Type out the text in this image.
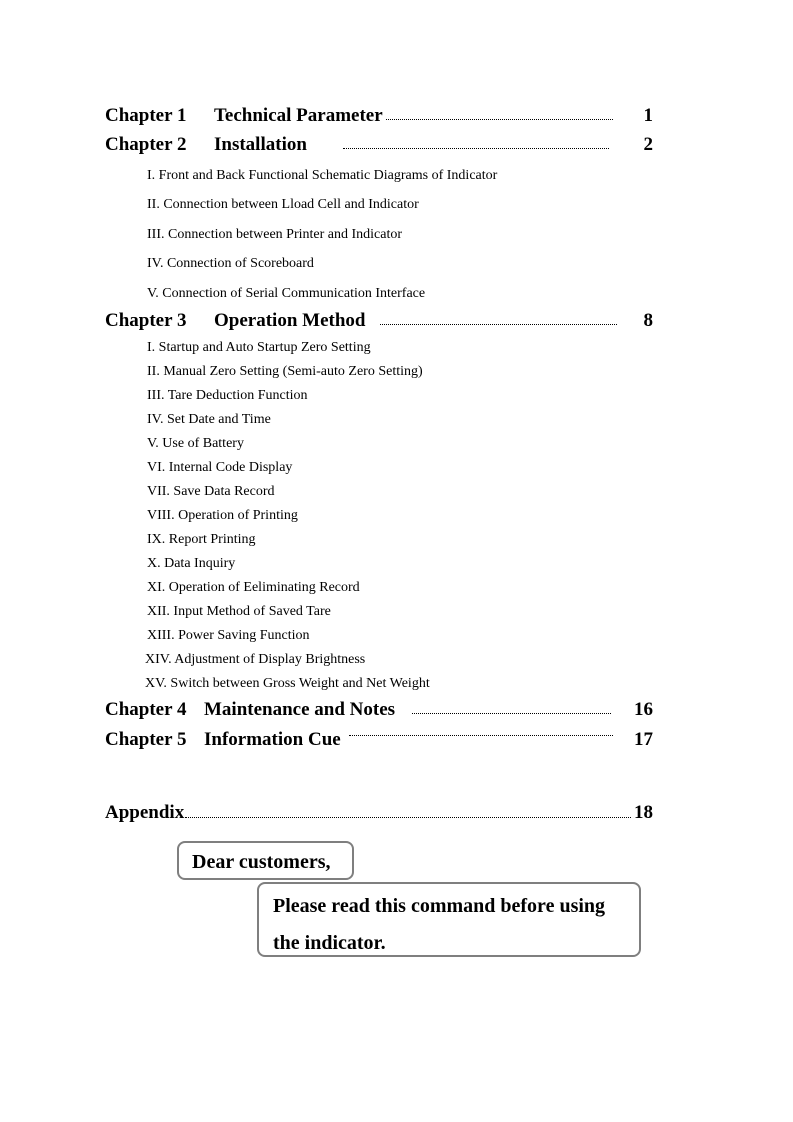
Chapter 1 Technical Parameter	1
Chapter 2 Installation	2
I. Front and Back Functional Schematic Diagrams of Indicator
II. Connection between Lload Cell and Indicator
III. Connection between Printer and Indicator
IV. Connection of Scoreboard
V. Connection of Serial Communication Interface
Chapter 3 Operation Method	8
I. Startup and Auto Startup Zero Setting
II. Manual Zero Setting (Semi-auto Zero Setting)
III. Tare Deduction Function
IV. Set Date and Time
V. Use of Battery
VI. Internal Code Display
VII. Save Data Record
VIII. Operation of Printing
IX. Report Printing
X. Data Inquiry
XI. Operation of Eeliminating Record
XII. Input Method of Saved Tare
XIII. Power Saving Function
XIV. Adjustment of Display Brightness
XV. Switch between Gross Weight and Net Weight
Chapter 4 Maintenance and Notes	16
Chapter 5 Information Cue	17
Appendix	18
Dear customers,
Please read this command before using
the indicator.
